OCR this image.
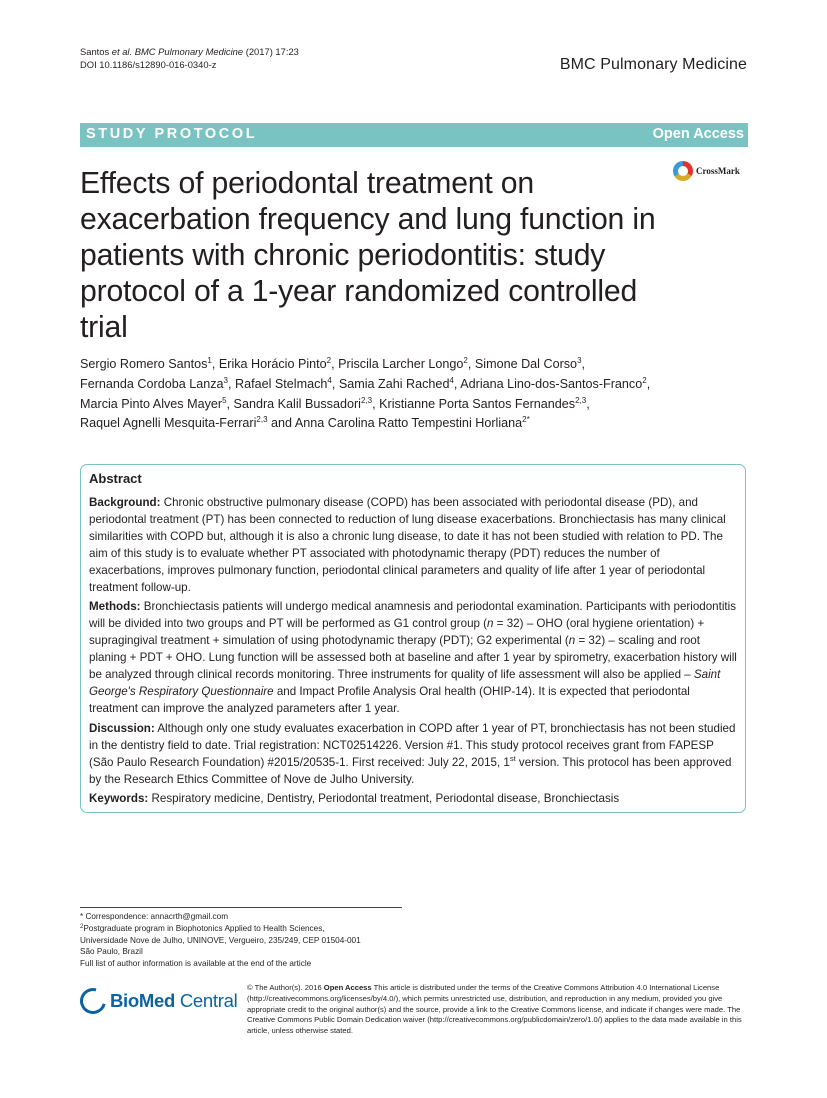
Santos et al. BMC Pulmonary Medicine (2017) 17:23
DOI 10.1186/s12890-016-0340-z	BMC Pulmonary Medicine
STUDY PROTOCOL	Open Access
CrossMark
Effects of periodontal treatment on exacerbation frequency and lung function in patients with chronic periodontitis: study protocol of a 1-year randomized controlled trial
Sergio Romero Santos$^1$, Erika Horácio Pinto$^2$, Priscila Larcher Longo$^2$, Simone Dal Corso$^3$,
Fernanda Cordoba Lanza$^3$, Rafael Stelmach$^4$, Samia Zahi Rached$^4$, Adriana Lino-dos-Santos-Franco$^2$,
Marcia Pinto Alves Mayer$^5$, Sandra Kalil Bussadori$^{2,3}$, Kristianne Porta Santos Fernandes$^{2,3}$,
Raquel Agnelli Mesquita-Ferrari$^{2,3}$ and Anna Carolina Ratto Tempestini Horliana$^{2*}$
Abstract

Background: Chronic obstructive pulmonary disease (COPD) has been associated with periodontal disease (PD), and periodontal treatment (PT) has been connected to reduction of lung disease exacerbations. Bronchiectasis has many clinical similarities with COPD but, although it is also a chronic lung disease, to date it has not been studied with relation to PD. The aim of this study is to evaluate whether PT associated with photodynamic therapy (PDT) reduces the number of exacerbations, improves pulmonary function, periodontal clinical parameters and quality of life after 1 year of periodontal treatment follow-up.

Methods: Bronchiectasis patients will undergo medical anamnesis and periodontal examination. Participants with periodontitis will be divided into two groups and PT will be performed as G1 control group (n = 32) – OHO (oral hygiene orientation) + supragingival treatment + simulation of using photodynamic therapy (PDT); G2 experimental (n = 32) – scaling and root planing + PDT + OHO. Lung function will be assessed both at baseline and after 1 year by spirometry, exacerbation history will be analyzed through clinical records monitoring. Three instruments for quality of life assessment will also be applied – Saint George's Respiratory Questionnaire and Impact Profile Analysis Oral health (OHIP-14). It is expected that periodontal treatment can improve the analyzed parameters after 1 year.

Discussion: Although only one study evaluates exacerbation in COPD after 1 year of PT, bronchiectasis has not been studied in the dentistry field to date. Trial registration: NCT02514226. Version #1. This study protocol receives grant from FAPESP (São Paulo Research Foundation) #2015/20535-1. First received: July 22, 2015, 1st version. This protocol has been approved by the Research Ethics Committee of Nove de Julho University.

Keywords: Respiratory medicine, Dentistry, Periodontal treatment, Periodontal disease, Bronchiectasis

* Correspondence: annacrth@gmail.com
$^2$Postgraduate program in Biophotonics Applied to Health Sciences,
Universidade Nove de Julho, UNINOVE, Vergueiro, 235/249, CEP 01504-001
São Paulo, Brazil
Full list of author information is available at the end of the article
BioMed Central
© The Author(s). 2016 Open Access This article is distributed under the terms of the Creative Commons Attribution 4.0 International License (http://creativecommons.org/licenses/by/4.0/), which permits unrestricted use, distribution, and reproduction in any medium, provided you give appropriate credit to the original author(s) and the source, provide a link to the Creative Commons license, and indicate if changes were made. The Creative Commons Public Domain Dedication waiver (http://creativecommons.org/publicdomain/zero/1.0/) applies to the data made available in this article, unless otherwise stated.
